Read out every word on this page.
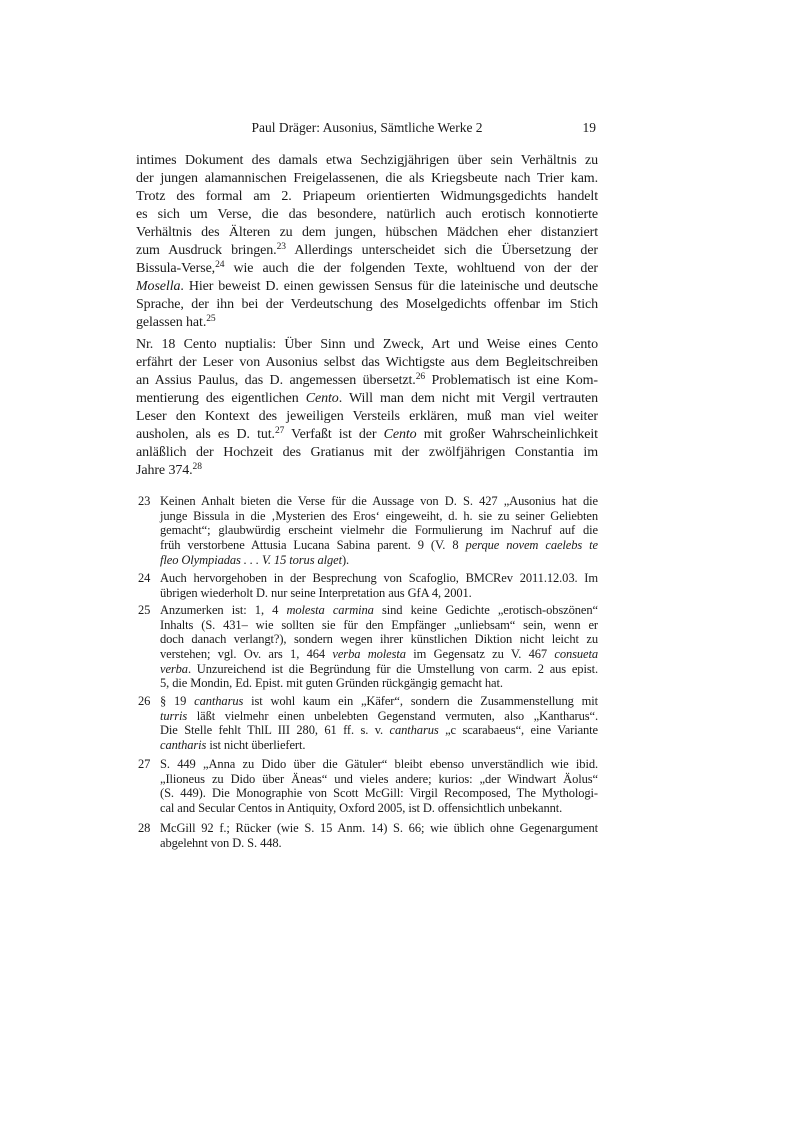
Paul Dräger: Ausonius, Sämtliche Werke 2	19
intimes Dokument des damals etwa Sechzigjährigen über sein Verhältnis zu
der jungen alamannischen Freigelassenen, die als Kriegsbeute nach Trier kam.
Trotz des formal am 2. Priapeum orientierten Widmungsgedichts handelt
es sich um Verse, die das besondere, natürlich auch erotisch konnotierte
Verhältnis des Älteren zu dem jungen, hübschen Mädchen eher distanziert
zum Ausdruck bringen.$^{23}$ Allerdings unterscheidet sich die Übersetzung der
Bissula-Verse,$^{24}$ wie auch die der folgenden Texte, wohltuend von der der
Mosella. Hier beweist D. einen gewissen Sensus für die lateinische und deutsche
Sprache, der ihn bei der Verdeutschung des Moselgedichts offenbar im Stich
gelassen hat.$^{25}$
Nr. 18 Cento nuptialis: Über Sinn und Zweck, Art und Weise eines Cento
erfährt der Leser von Ausonius selbst das Wichtigste aus dem Begleitschreiben
an Assius Paulus, das D. angemessen übersetzt.$^{26}$ Problematisch ist eine Kom-
mentierung des eigentlichen Cento. Will man dem nicht mit Vergil vertrauten
Leser den Kontext des jeweiligen Versteils erklären, muß man viel weiter
ausholen, als es D. tut.$^{27}$ Verfaßt ist der Cento mit großer Wahrscheinlichkeit
anläßlich der Hochzeit des Gratianus mit der zwölfjährigen Constantia im
Jahre 374.28
23 Keinen Anhalt bieten die Verse für die Aussage von D. S. 427 „Ausonius hat die
junge Bissula in die ‚Mysterien des Eros‘ eingeweiht, d. h. sie zu seiner Geliebten
gemacht“; glaubwürdig erscheint vielmehr die Formulierung im Nachruf auf die
früh verstorbene Attusia Lucana Sabina parent. 9 (V. 8 perque novem caelebs te
fleo Olympiadas . . . V. 15 torus alget).
24 Auch hervorgehoben in der Besprechung von Scafoglio, BMCRev 2011.12.03. Im
übrigen wiederholt D. nur seine Interpretation aus GfA 4, 2001.
25 Anzumerken ist: 1, 4 molesta carmina sind keine Gedichte „erotisch-obszönen“
Inhalts (S. 431– wie sollten sie für den Empfänger „unliebsam“ sein, wenn er
doch danach verlangt?), sondern wegen ihrer künstlichen Diktion nicht leicht zu
verstehen; vgl. Ov. ars 1, 464 verba molesta im Gegensatz zu V. 467 consueta
verba. Unzureichend ist die Begründung für die Umstellung von carm. 2 aus epist.
5, die Mondin, Ed. Epist. mit guten Gründen rückgängig gemacht hat.
26 § 19 cantharus ist wohl kaum ein „Käfer“, sondern die Zusammenstellung mit
turris läßt vielmehr einen unbelebten Gegenstand vermuten, also „Kantharus“.
Die Stelle fehlt ThlL III 280, 61 ff. s. v. cantharus „c scarabaeus“, eine Variante
cantharis ist nicht überliefert.
27 S. 449 „Anna zu Dido über die Gätuler“ bleibt ebenso unverständlich wie ibid.
„Ilioneus zu Dido über Äneas“ und vieles andere; kurios: „der Windwart Äolus“
(S. 449). Die Monographie von Scott McGill: Virgil Recomposed, The Mythologi-
cal and Secular Centos in Antiquity, Oxford 2005, ist D. offensichtlich unbekannt.
28 McGill 92 f.; Rücker (wie S. 15 Anm. 14) S. 66; wie üblich ohne Gegenargument
abgelehnt von D. S. 448.
